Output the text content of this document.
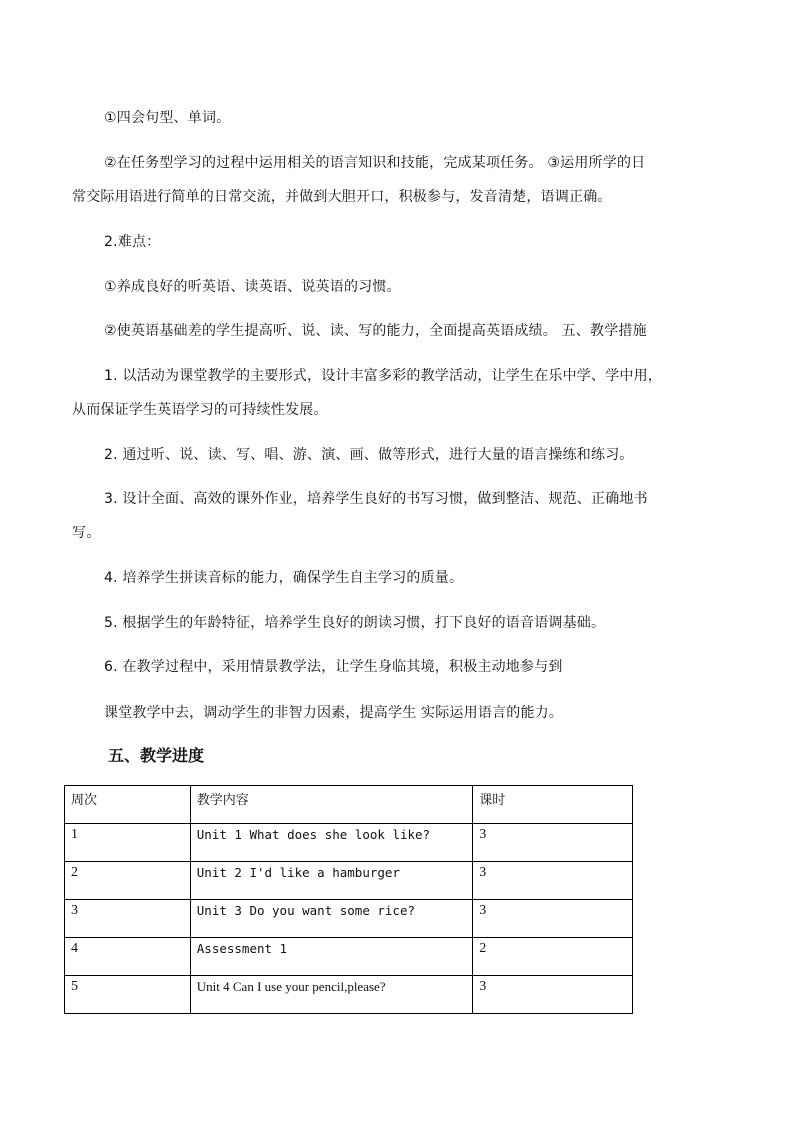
①四会句型、单词。
②在任务型学习的过程中运用相关的语言知识和技能，完成某项任务。 ③运用所学的日
常交际用语进行简单的日常交流，并做到大胆开口，积极参与，发音清楚，语调正确。
2.难点：
①养成良好的听英语、读英语、说英语的习惯。
②使英语基础差的学生提高听、说、读、写的能力，全面提高英语成绩。 五、教学措施
1. 以活动为课堂教学的主要形式，设计丰富多彩的教学活动，让学生在乐中学、学中用，
从而保证学生英语学习的可持续性发展。
2. 通过听、说、读、写、唱、游、演、画、做等形式，进行大量的语言操练和练习。
3. 设计全面、高效的课外作业，培养学生良好的书写习惯，做到整洁、规范、正确地书
写。
4. 培养学生拼读音标的能力，确保学生自主学习的质量。
5. 根据学生的年龄特征，培养学生良好的朗读习惯，打下良好的语音语调基础。
6. 在教学过程中，采用情景教学法，让学生身临其境，积极主动地参与到
课堂教学中去，调动学生的非智力因素，提高学生 实际运用语言的能力。
五、教学进度
周次	教学内容	课时
1	Unit 1 What does she look like?	3
2	Unit 2 I'd like a hamburger	3
3	Unit 3 Do you want some rice?	3
4	Assessment 1	2
5	Unit 4 Can I use your pencil,please?	3
